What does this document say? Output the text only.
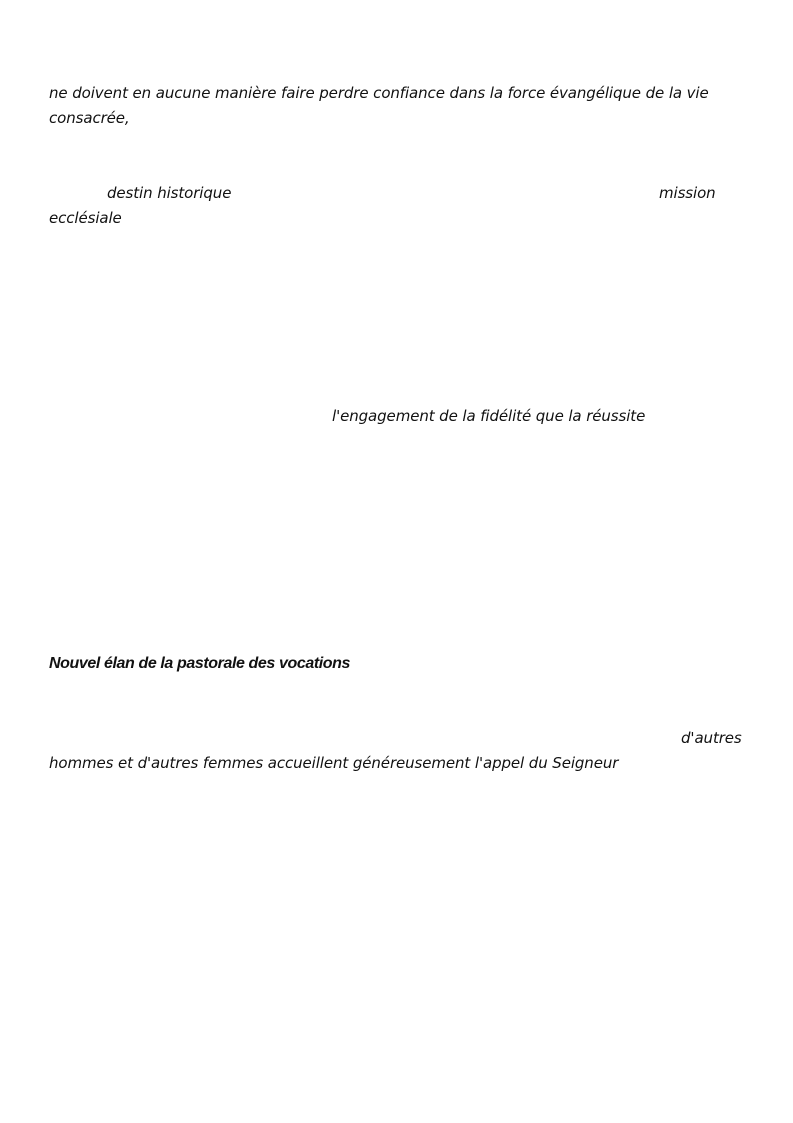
ne doivent en aucune manière faire perdre confiance dans la force évangélique de la vie
consacrée,
destin historique	mission
ecclésiale
l'engagement de la fidélité que la réussite
Nouvel élan de la pastorale des vocations
d'autres
hommes et d'autres femmes accueillent généreusement l'appel du Seigneur
